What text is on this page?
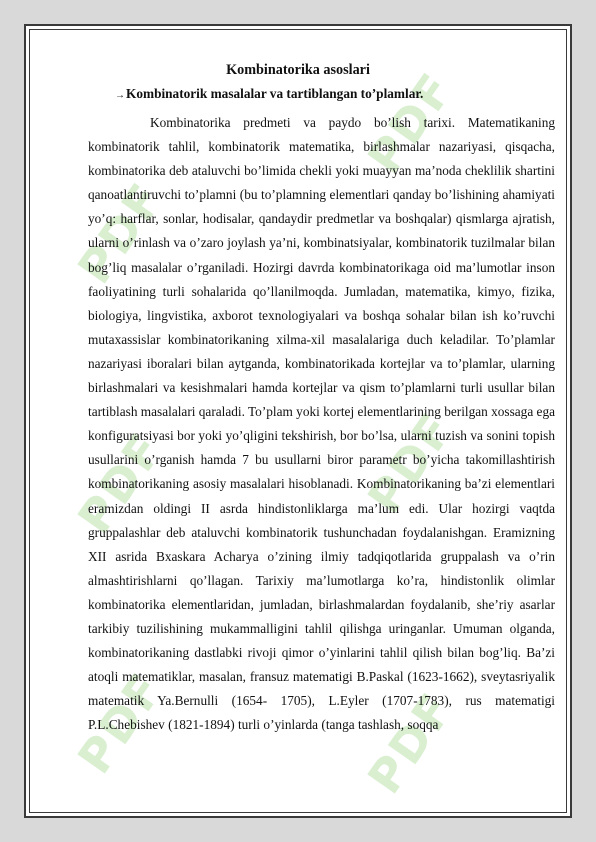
PDF
PDF
PDF	PDF
PDF	PDF
Kombinatorika asoslari
→Kombinatorik masalalar va tartiblangan to’plamlar.

Kombinatorika predmeti va paydo bo’lish tarixi. Matematikaning kombinatorik tahlil, kombinatorik matematika, birlashmalar nazariyasi, qisqacha, kombinatorika deb ataluvchi bo’limida chekli yoki muayyan ma’noda cheklilik shartini qanoatlantiruvchi to’plamni (bu to’plamning elementlari qanday bo’lishining ahamiyati yo’q: harflar, sonlar, hodisalar, qandaydir predmetlar va boshqalar) qismlarga ajratish, ularni o’rinlash va o’zaro joylash ya’ni, kombinatsiyalar, kombinatorik tuzilmalar bilan bog’liq masalalar o’rganiladi. Hozirgi davrda kombinatorikaga oid ma’lumotlar inson faoliyatining turli sohalarida qo’llanilmoqda. Jumladan, matematika, kimyo, fizika, biologiya, lingvistika, axborot texnologiyalari va boshqa sohalar bilan ish ko’ruvchi mutaxassislar kombinatorikaning xilma-xil masalalariga duch keladilar. To’plamlar nazariyasi iboralari bilan aytganda, kombinatorikada kortejlar va to’plamlar, ularning birlashmalari va kesishmalari hamda kortejlar va qism to’plamlarni turli usullar bilan tartiblash masalalari qaraladi. To’plam yoki kortej elementlarining berilgan xossaga ega konfiguratsiyasi bor yoki yo’qligini tekshirish, bor bo’lsa, ularni tuzish va sonini topish usullarini o’rganish hamda 7 bu usullarni biror parametr bo’yicha takomillashtirish kombinatorikaning asosiy masalalari hisoblanadi. Kombinatorikaning ba’zi elementlari eramizdan oldingi II asrda hindistonliklarga ma’lum edi. Ular hozirgi vaqtda gruppalashlar deb ataluvchi kombinatorik tushunchadan foydalanishgan. Eramizning XII asrida Bxaskara Acharya o’zining ilmiy tadqiqotlarida gruppalash va o’rin almashtirishlarni qo’llagan. Tarixiy ma’lumotlarga ko’ra, hindistonlik olimlar kombinatorika elementlaridan, jumladan, birlashmalardan foydalanib, she’riy asarlar tarkibiy tuzilishining mukammalligini tahlil qilishga uringanlar. Umuman olganda, kombinatorikaning dastlabki rivoji qimor o’yinlarini tahlil qilish bilan bog’liq. Ba’zi atoqli matematiklar, masalan, fransuz matematigi B.Paskal (1623-1662), sveytasriyalik matematik Ya.Bernulli (1654- 1705), L.Eyler (1707-1783), rus matematigi P.L.Chebishev (1821-1894) turli o’yinlarda (tanga tashlash, soqqa
